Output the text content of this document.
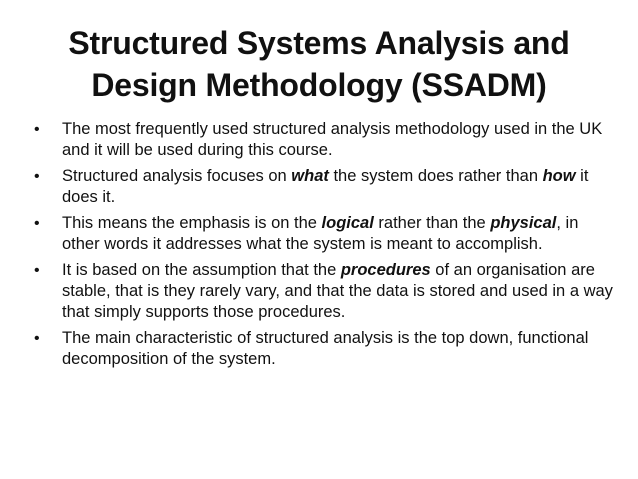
Structured Systems Analysis and
Design Methodology (SSADM)
• The most frequently used structured analysis methodology used in the UK and it will be used during this course.
• Structured analysis focuses on what the system does rather than how it does it.
• This means the emphasis is on the logical rather than the physical, in other words it addresses what the system is meant to accomplish.
• It is based on the assumption that the procedures of an organisation are stable, that is they rarely vary, and that the data is stored and used in a way that simply supports those procedures.
• The main characteristic of structured analysis is the top down, functional decomposition of the system.
